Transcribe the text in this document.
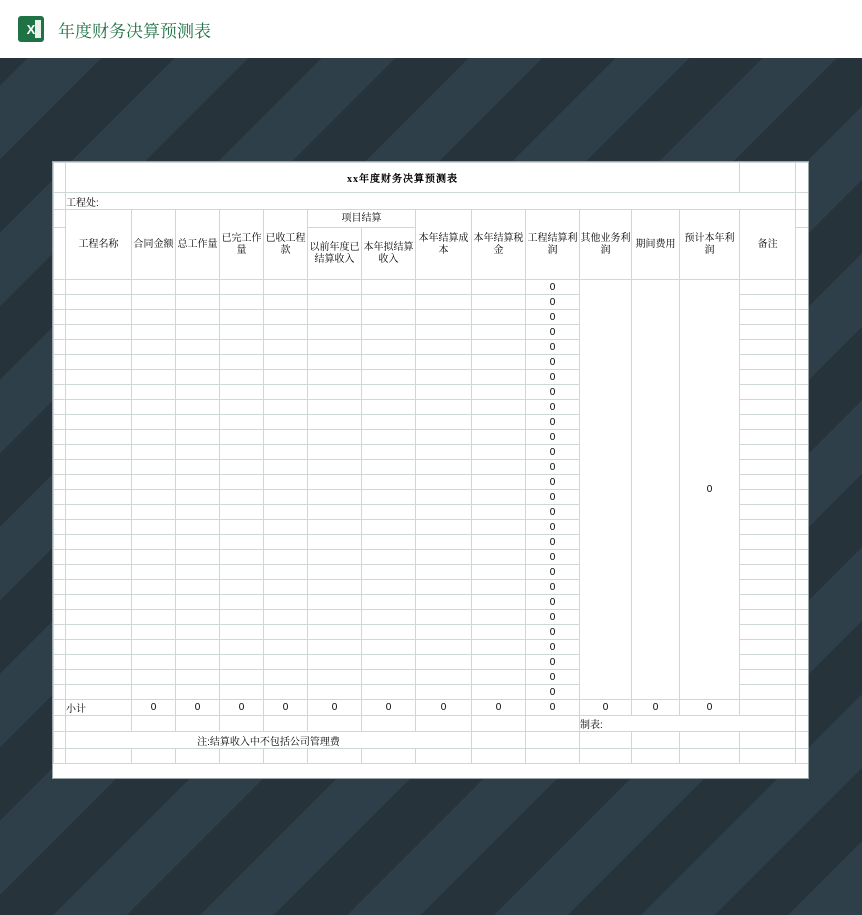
X 年度财务决算预测表
	xx年度财务决算预测表														
	工程处:														
	工程名称	合同金额	总工作量	已完工作量	已收工程款	项目结算		本年结算成本	本年结算税金	工程结算利润	其他业务利润	期间费用	预计本年利润	备注	
						以前年度已结算收入	本年拟结算收入								
										0			0		
										0					
										0					
										0					
										0					
										0					
										0					
										0					
										0					
										0					
										0					
										0					
										0					
										0					
										0					
										0					
										0					
										0					
										0					
										0					
										0					
										0					
										0					
										0					
										0					
										0					
										0					
										0					
	小计	0	0	0	0	0	0	0	0	0	0	0	0		
											制表:				
	注:结算收入中不包括公司管理费														
